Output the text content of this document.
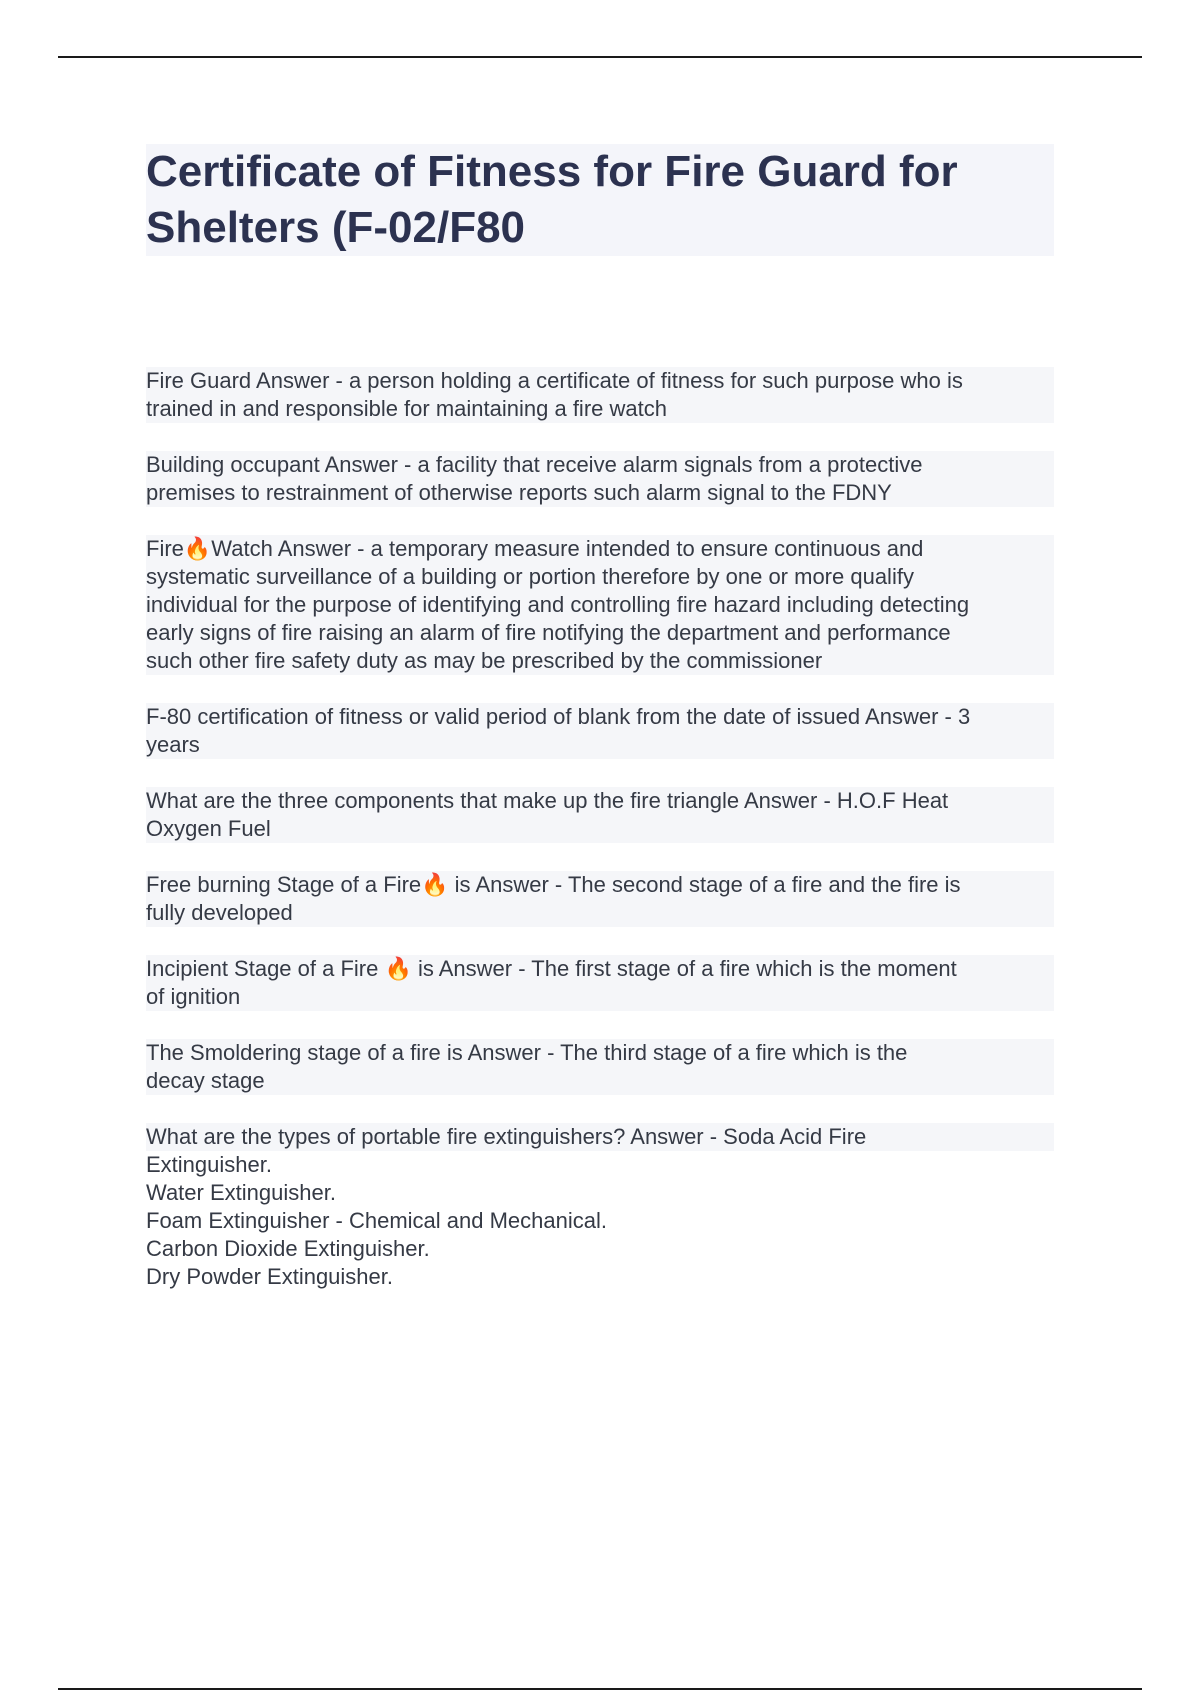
Certificate of Fitness for Fire Guard for
Shelters (F-02/F80
Fire Guard Answer - a person holding a certificate of fitness for such purpose who is
trained in and responsible for maintaining a fire watch
Building occupant Answer - a facility that receive alarm signals from a protective
premises to restrainment of otherwise reports such alarm signal to the FDNY
Fire🔥Watch Answer - a temporary measure intended to ensure continuous and
systematic surveillance of a building or portion therefore by one or more qualify
individual for the purpose of identifying and controlling fire hazard including detecting
early signs of fire raising an alarm of fire notifying the department and performance
such other fire safety duty as may be prescribed by the commissioner
F-80 certification of fitness or valid period of blank from the date of issued Answer - 3
years
What are the three components that make up the fire triangle Answer - H.O.F Heat
Oxygen Fuel
Free burning Stage of a Fire🔥 is Answer - The second stage of a fire and the fire is
fully developed
Incipient Stage of a Fire 🔥 is Answer - The first stage of a fire which is the moment
of ignition
The Smoldering stage of a fire is Answer - The third stage of a fire which is the
decay stage
What are the types of portable fire extinguishers? Answer - Soda Acid Fire
Extinguisher.
Water Extinguisher.
Foam Extinguisher - Chemical and Mechanical.
Carbon Dioxide Extinguisher.
Dry Powder Extinguisher.
